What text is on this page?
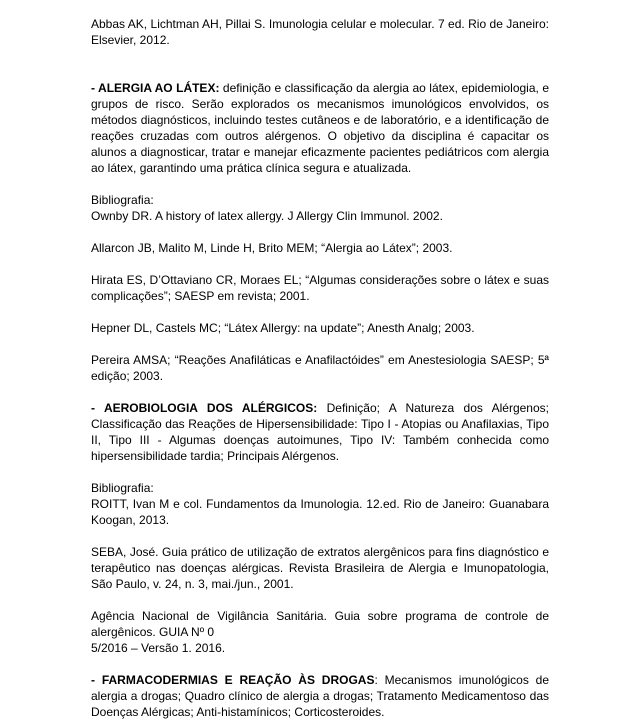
Abbas AK, Lichtman AH, Pillai S. Imunologia celular e molecular. 7 ed. Rio de Janeiro: Elsevier, 2012.

- ALERGIA AO LÁTEX: definição e classificação da alergia ao látex, epidemiologia, e grupos de risco. Serão explorados os mecanismos imunológicos envolvidos, os métodos diagnósticos, incluindo testes cutâneos e de laboratório, e a identificação de reações cruzadas com outros alérgenos. O objetivo da disciplina é capacitar os alunos a diagnosticar, tratar e manejar eficazmente pacientes pediátricos com alergia ao látex, garantindo uma prática clínica segura e atualizada.

Bibliografia:

Ownby DR. A history of latex allergy. J Allergy Clin Immunol. 2002.

Allarcon JB, Malito M, Linde H, Brito MEM; “Alergia ao Látex”; 2003.

Hirata ES, D’Ottaviano CR, Moraes EL; “Algumas considerações sobre o látex e suas complicações”; SAESP em revista; 2001.

Hepner DL, Castels MC; “Látex Allergy: na update”; Anesth Analg; 2003.

Pereira AMSA; “Reações Anafiláticas e Anafilactóides” em Anestesiologia SAESP; 5ª edição; 2003.

- AEROBIOLOGIA DOS ALÉRGICOS: Definição; A Natureza dos Alérgenos; Classificação das Reações de Hipersensibilidade: Tipo I - Atopias ou Anafilaxias, Tipo II, Tipo III - Algumas doenças autoimunes, Tipo IV: Também conhecida como hipersensibilidade tardia; Principais Alérgenos.

Bibliografia:

ROITT, Ivan M e col. Fundamentos da Imunologia. 12.ed. Rio de Janeiro: Guanabara Koogan, 2013.

SEBA, José. Guia prático de utilização de extratos alergênicos para fins diagnóstico e terapêutico nas doenças alérgicas. Revista Brasileira de Alergia e Imunopatologia, São Paulo, v. 24, n. 3, mai./jun., 2001.

Agência Nacional de Vigilância Sanitária. Guia sobre programa de controle de alergênicos. GUIA Nº 0

5/2016 – Versão 1. 2016.

- FARMACODERMIAS E REAÇÃO ÀS DROGAS: Mecanismos imunológicos de alergia a drogas; Quadro clínico de alergia a drogas; Tratamento Medicamentoso das Doenças Alérgicas; Anti-histamínicos; Corticosteroides.
